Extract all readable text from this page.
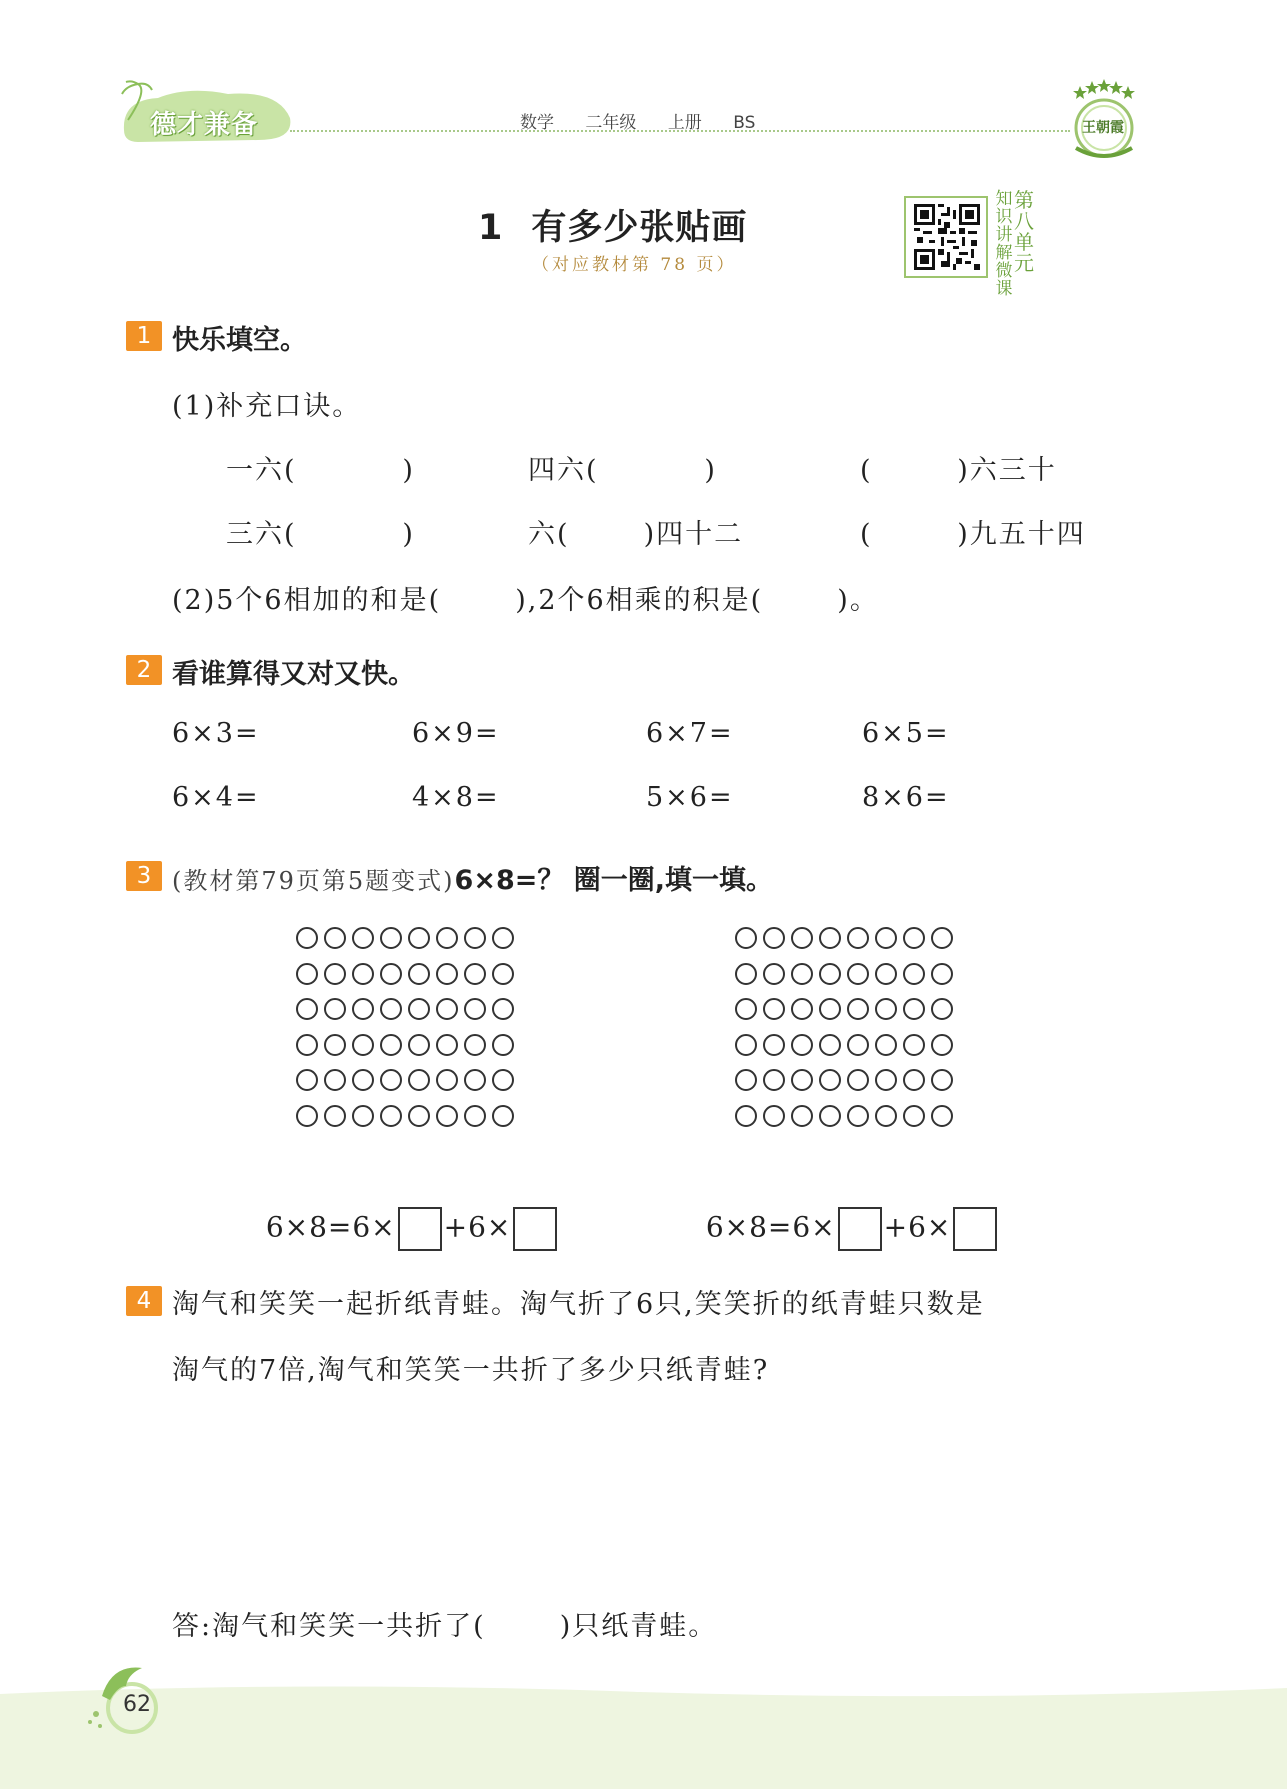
德才兼备	数学 二年级 上册 BS	王朝霞
1 有多少张贴画
（对应教材第 78 页）
知识讲解微课
第八单元
1 快乐填空。
(1)补充口诀。
一六(          )	四六(          )	(        )六三十
三六(          )	六(       )四十二	(        )九五十四
(2)5个6相加的和是(       ),2个6相乘的积是(       )。
2 看谁算得又对又快。
6×3=	6×9=	6×7=	6×5=
6×4=	4×8=	5×6=	8×6=
3 (教材第79页第5题变式)6×8=？ 圈一圈,填一填。

6×8=6× +6×	6×8=6× +6×

4 淘气和笑笑一起折纸青蛙。淘气折了6只,笑笑折的纸青蛙只数是
淘气的7倍,淘气和笑笑一共折了多少只纸青蛙?
答:淘气和笑笑一共折了(       )只纸青蛙。
62
